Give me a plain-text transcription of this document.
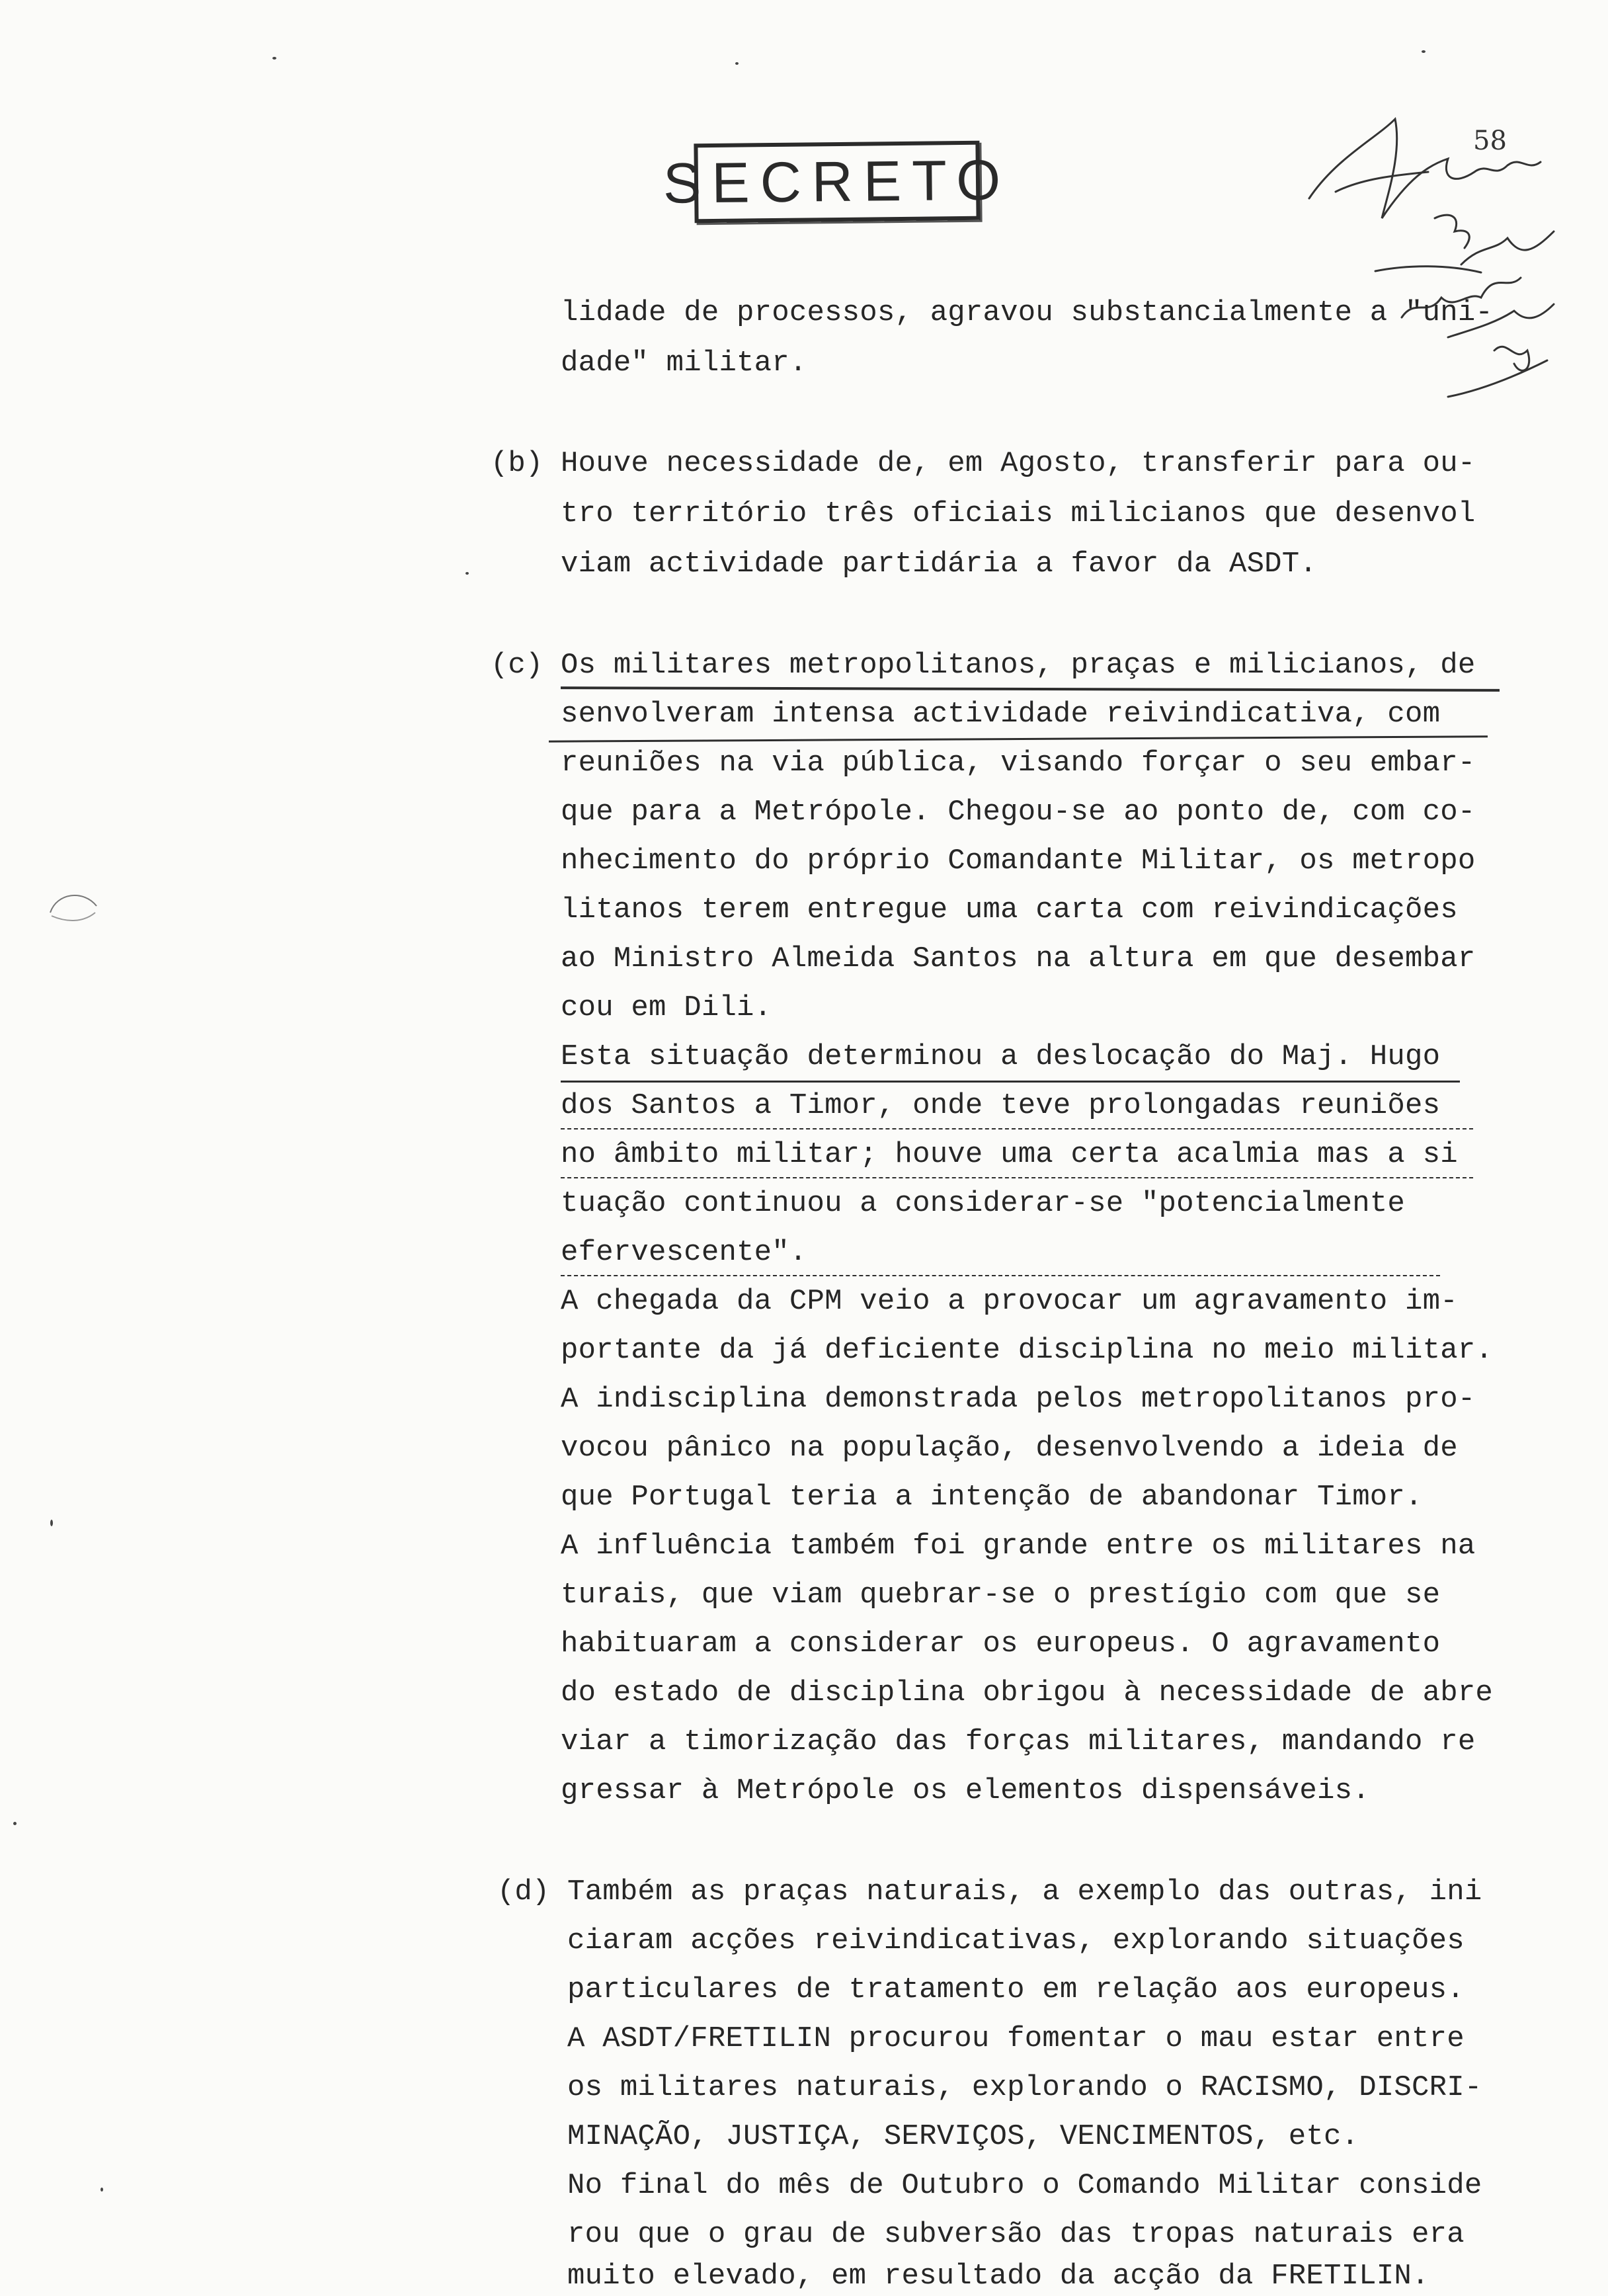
SECRETO
58
lidade de processos, agravou substancialmente a "uni-
dade" militar.
(b) Houve necessidade de, em Agosto, transferir para ou-
tro território três oficiais milicianos que desenvol
viam actividade partidária a favor da ASDT.
(c) Os militares metropolitanos, praças e milicianos, de
senvolveram intensa actividade reivindicativa, com
reuniões na via pública, visando forçar o seu embar-
que para a Metrópole. Chegou-se ao ponto de, com co-
nhecimento do próprio Comandante Militar, os metropo
litanos terem entregue uma carta com reivindicações
ao Ministro Almeida Santos na altura em que desembar
cou em Dili.
Esta situação determinou a deslocação do Maj. Hugo
dos Santos a Timor, onde teve prolongadas reuniões
no âmbito militar; houve uma certa acalmia mas a si
tuação continuou a considerar-se "potencialmente
efervescente".
A chegada da CPM veio a provocar um agravamento im-
portante da já deficiente disciplina no meio militar.
A indisciplina demonstrada pelos metropolitanos pro-
vocou pânico na população, desenvolvendo a ideia de
que Portugal teria a intenção de abandonar Timor.
A influência também foi grande entre os militares na
turais, que viam quebrar-se o prestígio com que se
habituaram a considerar os europeus. O agravamento
do estado de disciplina obrigou à necessidade de abre
viar a timorização das forças militares, mandando re
gressar à Metrópole os elementos dispensáveis.
(d) Também as praças naturais, a exemplo das outras, ini
ciaram acções reivindicativas, explorando situações
particulares de tratamento em relação aos europeus.
A ASDT/FRETILIN procurou fomentar o mau estar entre
os militares naturais, explorando o RACISMO, DISCRI-
MINAÇÃO, JUSTIÇA, SERVIÇOS, VENCIMENTOS, etc.
No final do mês de Outubro o Comando Militar conside
rou que o grau de subversão das tropas naturais era
muito elevado, em resultado da acção da FRETILIN.
